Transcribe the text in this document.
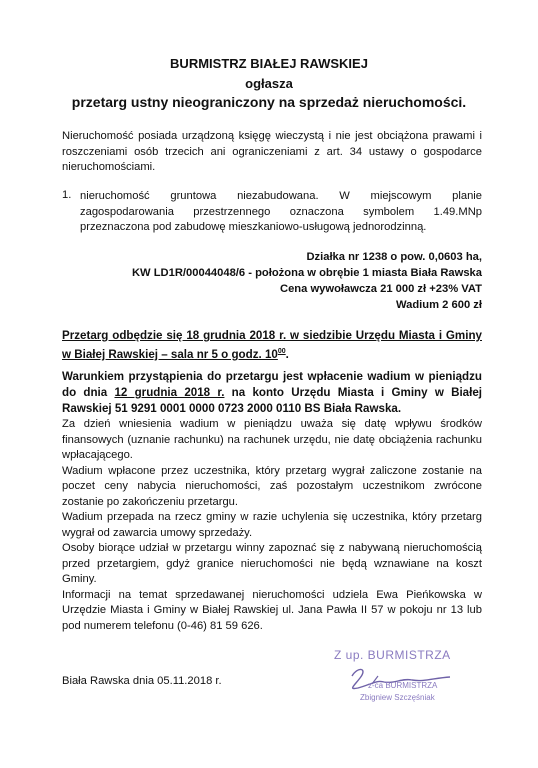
BURMISTRZ BIAŁEJ RAWSKIEJ
ogłasza
przetarg ustny nieograniczony na sprzedaż nieruchomości.
Nieruchomość posiada urządzoną księgę wieczystą i nie jest obciążona prawami i roszczeniami osób trzecich ani ograniczeniami z art. 34 ustawy o gospodarce nieruchomościami.
1. nieruchomość gruntowa niezabudowana. W miejscowym planie zagospodarowania przestrzennego oznaczona symbolem 1.49.MNp przeznaczona pod zabudowę mieszkaniowo-usługową jednorodzinną.
Działka nr 1238 o pow. 0,0603 ha,
KW LD1R/00044048/6 - położona w obrębie 1 miasta Biała Rawska
Cena wywoławcza 21 000 zł +23% VAT
Wadium 2 600 zł
Przetarg odbędzie się 18 grudnia 2018 r. w siedzibie Urzędu Miasta i Gminy w Białej Rawskiej – sala nr 5 o godz. $10^{00}$.

Warunkiem przystąpienia do przetargu jest wpłacenie wadium w pieniądzu do dnia 12 grudnia 2018 r. na konto Urzędu Miasta i Gminy w Białej Rawskiej 51 9291 0001 0000 0723 2000 0110 BS Biała Rawska.

Za dzień wniesienia wadium w pieniądzu uważa się datę wpływu środków finansowych (uznanie rachunku) na rachunek urzędu, nie datę obciążenia rachunku wpłacającego.

Wadium wpłacone przez uczestnika, który przetarg wygrał zaliczone zostanie na poczet ceny nabycia nieruchomości, zaś pozostałym uczestnikom zwrócone zostanie po zakończeniu przetargu.

Wadium przepada na rzecz gminy w razie uchylenia się uczestnika, który przetarg wygrał od zawarcia umowy sprzedaży.

Osoby biorące udział w przetargu winny zapoznać się z nabywaną nieruchomością przed przetargiem, gdyż granice nieruchomości nie będą wznawiane na koszt Gminy.

Informacji na temat sprzedawanej nieruchomości udziela Ewa Pieńkowska w Urzędzie Miasta i Gminy w Białej Rawskiej ul. Jana Pawła II 57 w pokoju nr 13 lub pod numerem telefonu (0-46) 81 59 626.

Biała Rawska dnia 05.11.2018 r.
Z up. BURMISTRZA
z-ca BURMISTRZA
Zbigniew Szczęśniak
